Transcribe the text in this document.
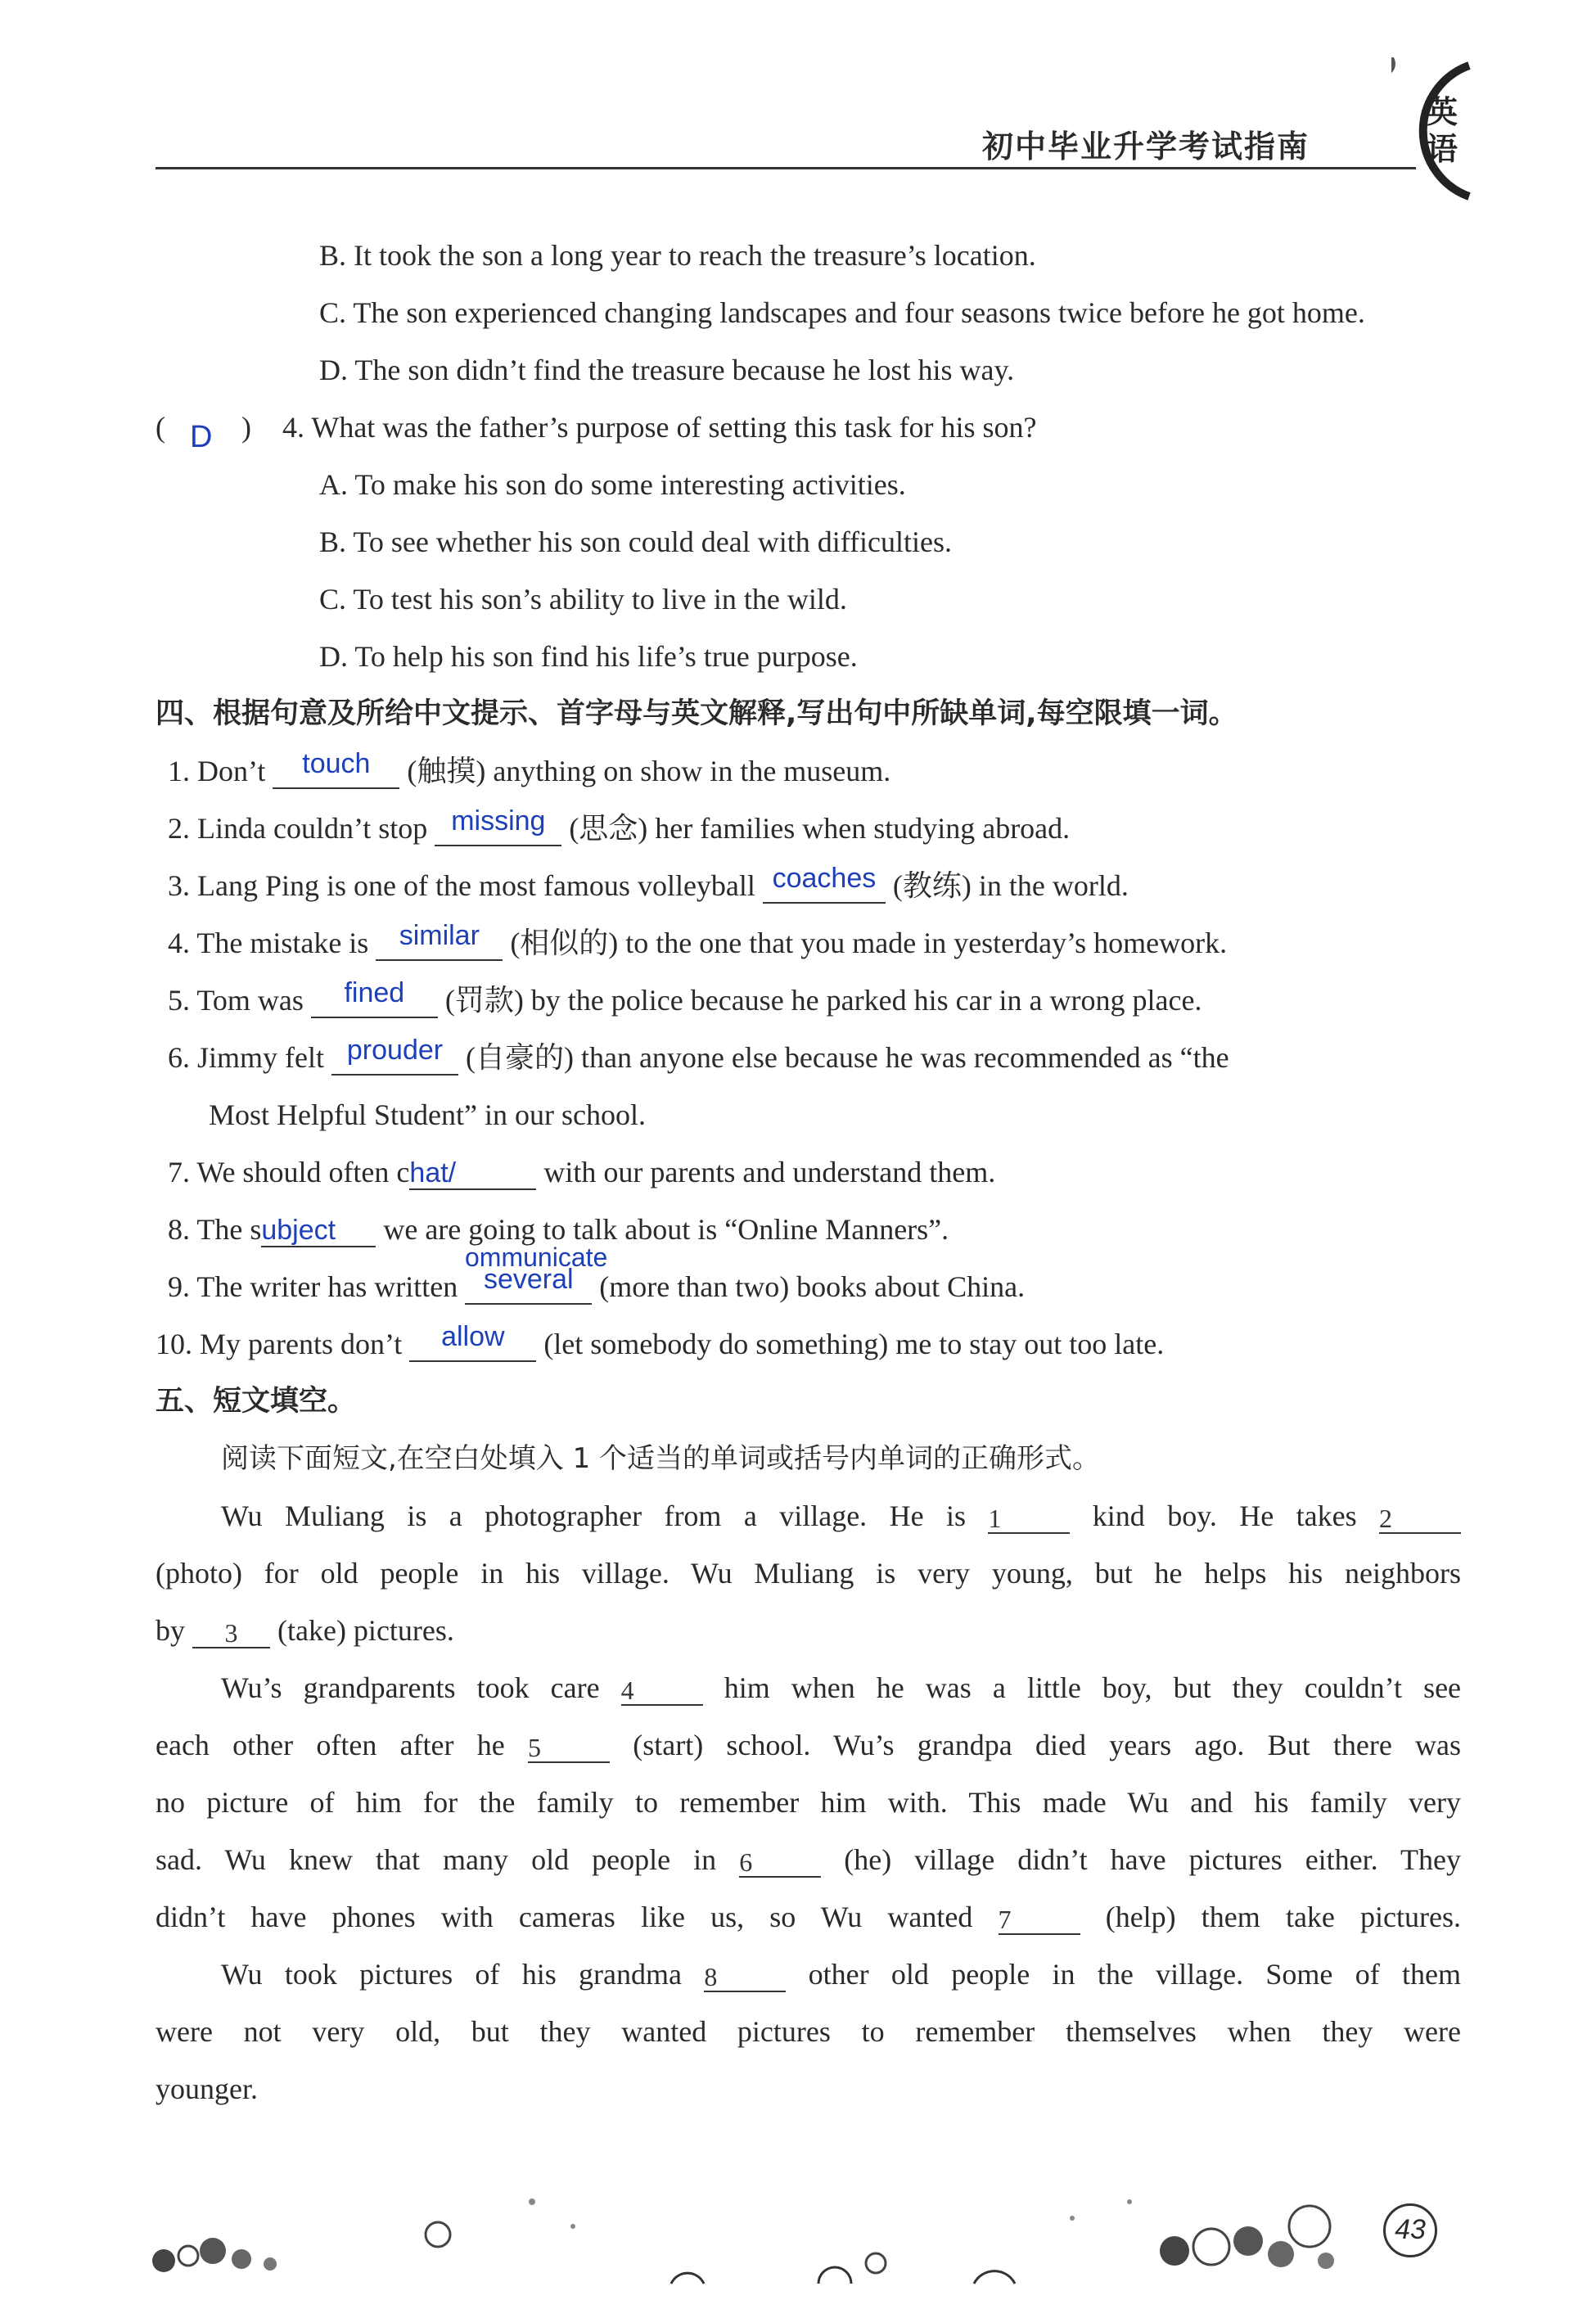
初中毕业升学考试指南
英
语
B. It took the son a long year to reach the treasure’s location.
C. The son experienced changing landscapes and four seasons twice before he got home.
D. The son didn’t find the treasure because he lost his way.
( D ) 4. What was the father’s purpose of setting this task for his son?
A. To make his son do some interesting activities.
B. To see whether his son could deal with difficulties.
C. To test his son’s ability to live in the wild.
D. To help his son find his life’s true purpose.
四、根据句意及所给中文提示、首字母与英文解释,写出句中所缺单词,每空限填一词。
1. Don’t touch (触摸) anything on show in the museum.
2. Linda couldn’t stop missing (思念) her families when studying abroad.
3. Lang Ping is one of the most famous volleyball coaches (教练) in the world.
4. The mistake is similar (相似的) to the one that you made in yesterday’s homework.
5. Tom was fined (罚款) by the police because he parked his car in a wrong place.
6. Jimmy felt prouder (自豪的) than anyone else because he was recommended as “the
Most Helpful Student” in our school.
7. We should often chat/	with our parents and understand them.
8. The subject we are going to talk about is “Online Manners”.
ommunicate
9. The writer has written several (more than two) books about China.
10. My parents don’t allow (let somebody do something) me to stay out too late.
五、短文填空。
阅读下面短文,在空白处填入 1 个适当的单词或括号内单词的正确形式。
Wu Muliang is a photographer from a village. He is 1	kind boy. He takes 2
(photo) for old people in his village. Wu Muliang is very young, but he helps his neighbors
by 3 (take) pictures.
Wu’s grandparents took care 4	him when he was a little boy, but they couldn’t see
each other often after he 5	(start) school. Wu’s grandpa died years ago. But there was
no picture of him for the family to remember him with. This made Wu and his family very
sad. Wu knew that many old people in 6	(he) village didn’t have pictures either. They
didn’t have phones with cameras like us, so Wu wanted 7	(help) them take pictures.
Wu took pictures of his grandma 8	other old people in the village. Some of them
were not very old, but they wanted pictures to remember themselves when they were
younger.
43
